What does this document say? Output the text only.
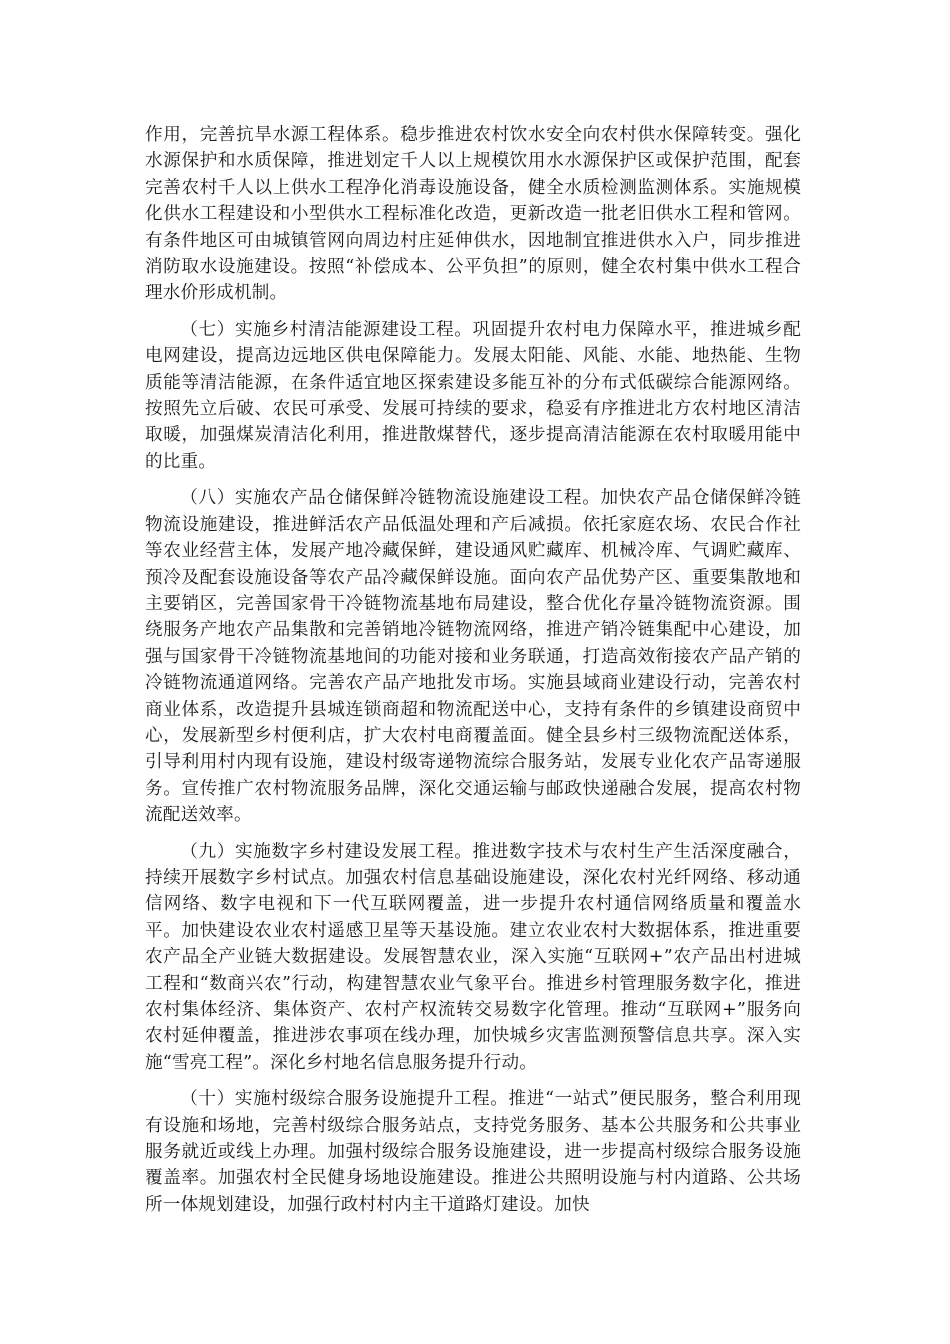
作用，完善抗旱水源工程体系。稳步推进农村饮水安全向农村供水保障转变。强化水源保护和水质保障，推进划定千人以上规模饮用水水源保护区或保护范围，配套完善农村千人以上供水工程净化消毒设施设备，健全水质检测监测体系。实施规模化供水工程建设和小型供水工程标准化改造，更新改造一批老旧供水工程和管网。有条件地区可由城镇管网向周边村庄延伸供水，因地制宜推进供水入户，同步推进消防取水设施建设。按照“补偿成本、公平负担”的原则，健全农村集中供水工程合理水价形成机制。

（七）实施乡村清洁能源建设工程。巩固提升农村电力保障水平，推进城乡配电网建设，提高边远地区供电保障能力。发展太阳能、风能、水能、地热能、生物质能等清洁能源，在条件适宜地区探索建设多能互补的分布式低碳综合能源网络。按照先立后破、农民可承受、发展可持续的要求，稳妥有序推进北方农村地区清洁取暖，加强煤炭清洁化利用，推进散煤替代，逐步提高清洁能源在农村取暖用能中的比重。

（八）实施农产品仓储保鲜冷链物流设施建设工程。加快农产品仓储保鲜冷链物流设施建设，推进鲜活农产品低温处理和产后减损。依托家庭农场、农民合作社等农业经营主体，发展产地冷藏保鲜，建设通风贮藏库、机械冷库、气调贮藏库、预冷及配套设施设备等农产品冷藏保鲜设施。面向农产品优势产区、重要集散地和主要销区，完善国家骨干冷链物流基地布局建设，整合优化存量冷链物流资源。围绕服务产地农产品集散和完善销地冷链物流网络，推进产销冷链集配中心建设，加强与国家骨干冷链物流基地间的功能对接和业务联通，打造高效衔接农产品产销的冷链物流通道网络。完善农产品产地批发市场。实施县域商业建设行动，完善农村商业体系，改造提升县城连锁商超和物流配送中心，支持有条件的乡镇建设商贸中心，发展新型乡村便利店，扩大农村电商覆盖面。健全县乡村三级物流配送体系，引导利用村内现有设施，建设村级寄递物流综合服务站，发展专业化农产品寄递服务。宣传推广农村物流服务品牌，深化交通运输与邮政快递融合发展，提高农村物流配送效率。

（九）实施数字乡村建设发展工程。推进数字技术与农村生产生活深度融合，持续开展数字乡村试点。加强农村信息基础设施建设，深化农村光纤网络、移动通信网络、数字电视和下一代互联网覆盖，进一步提升农村通信网络质量和覆盖水平。加快建设农业农村遥感卫星等天基设施。建立农业农村大数据体系，推进重要农产品全产业链大数据建设。发展智慧农业，深入实施“互联网+”农产品出村进城工程和“数商兴农”行动，构建智慧农业气象平台。推进乡村管理服务数字化，推进农村集体经济、集体资产、农村产权流转交易数字化管理。推动“互联网+”服务向农村延伸覆盖，推进涉农事项在线办理，加快城乡灾害监测预警信息共享。深入实施“雪亮工程”。深化乡村地名信息服务提升行动。

（十）实施村级综合服务设施提升工程。推进“一站式”便民服务，整合利用现有设施和场地，完善村级综合服务站点，支持党务服务、基本公共服务和公共事业服务就近或线上办理。加强村级综合服务设施建设，进一步提高村级综合服务设施覆盖率。加强农村全民健身场地设施建设。推进公共照明设施与村内道路、公共场所一体规划建设，加强行政村村内主干道路灯建设。加快
